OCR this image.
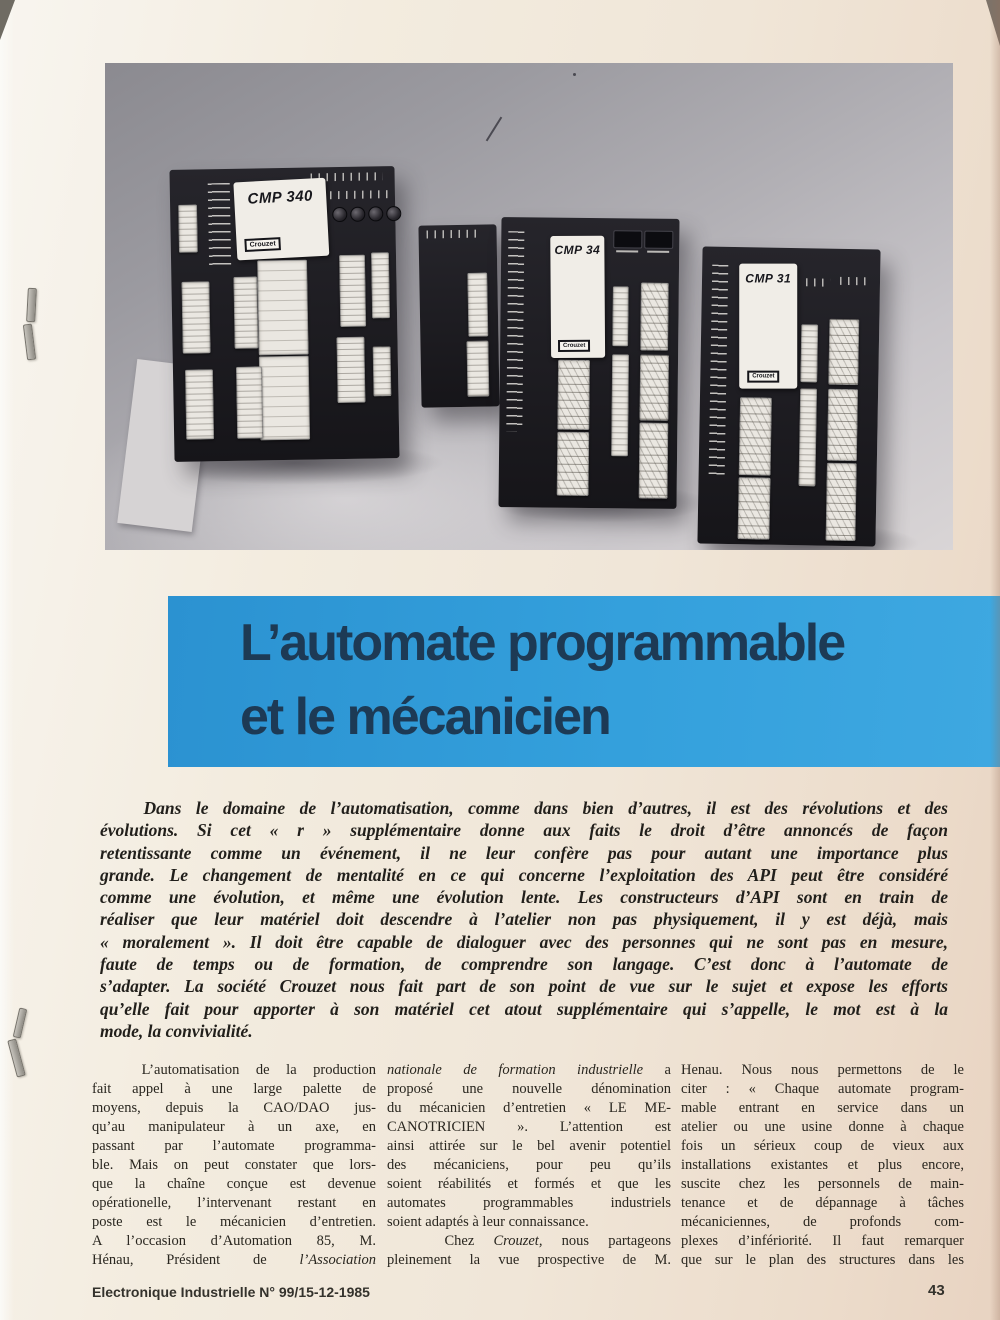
CMP 340
Crouzet	CMP 34
Crouzet
CMP 31
Crouzet
L’automate programmable
et le mécanicien
Dans le domaine de l’automatisation, comme dans bien d’autres, il est des révolutions et des
évolutions. Si cet « r » supplémentaire donne aux faits le droit d’être annoncés de façon
retentissante comme un événement, il ne leur confère pas pour autant une importance plus
grande. Le changement de mentalité en ce qui concerne l’exploitation des API peut être considéré
comme une évolution, et même une évolution lente. Les constructeurs d’API sont en train de
réaliser que leur matériel doit descendre à l’atelier non pas physiquement, il y est déjà, mais
« moralement ». Il doit être capable de dialoguer avec des personnes qui ne sont pas en mesure,
faute de temps ou de formation, de comprendre son langage. C’est donc à l’automate de
s’adapter. La société Crouzet nous fait part de son point de vue sur le sujet et expose les efforts
qu’elle fait pour apporter à son matériel cet atout supplémentaire qui s’appelle, le mot est à la
mode, la convivialité.
L’automatisation de la production
fait appel à une large palette de
moyens, depuis la CAO/DAO jus-
qu’au manipulateur à un axe, en
passant par l’automate programma-
ble. Mais on peut constater que lors-
que la chaîne conçue est devenue
opérationelle, l’intervenant restant en
poste est le mécanicien d’entretien.
A l’occasion d’Automation 85, M.
Hénau, Président de l’Association
nationale de formation industrielle a
proposé une nouvelle dénomination
du mécanicien d’entretien « LE ME-
CANOTRICIEN ». L’attention est
ainsi attirée sur le bel avenir potentiel
des mécaniciens, pour peu qu’ils
soient réabilités et formés et que les
automates programmables industriels
soient adaptés à leur connaissance.
Chez Crouzet, nous partageons
pleinement la vue prospective de M.
Henau. Nous nous permettons de le
citer : « Chaque automate program-
mable entrant en service dans un
atelier ou une usine donne à chaque
fois un sérieux coup de vieux aux
installations existantes et plus encore,
suscite chez les personnels de main-
tenance et de dépannage à tâches
mécaniciennes, de profonds com-
plexes d’infériorité. Il faut remarquer
que sur le plan des structures dans les
Electronique Industrielle N° 99/15-12-1985	43
